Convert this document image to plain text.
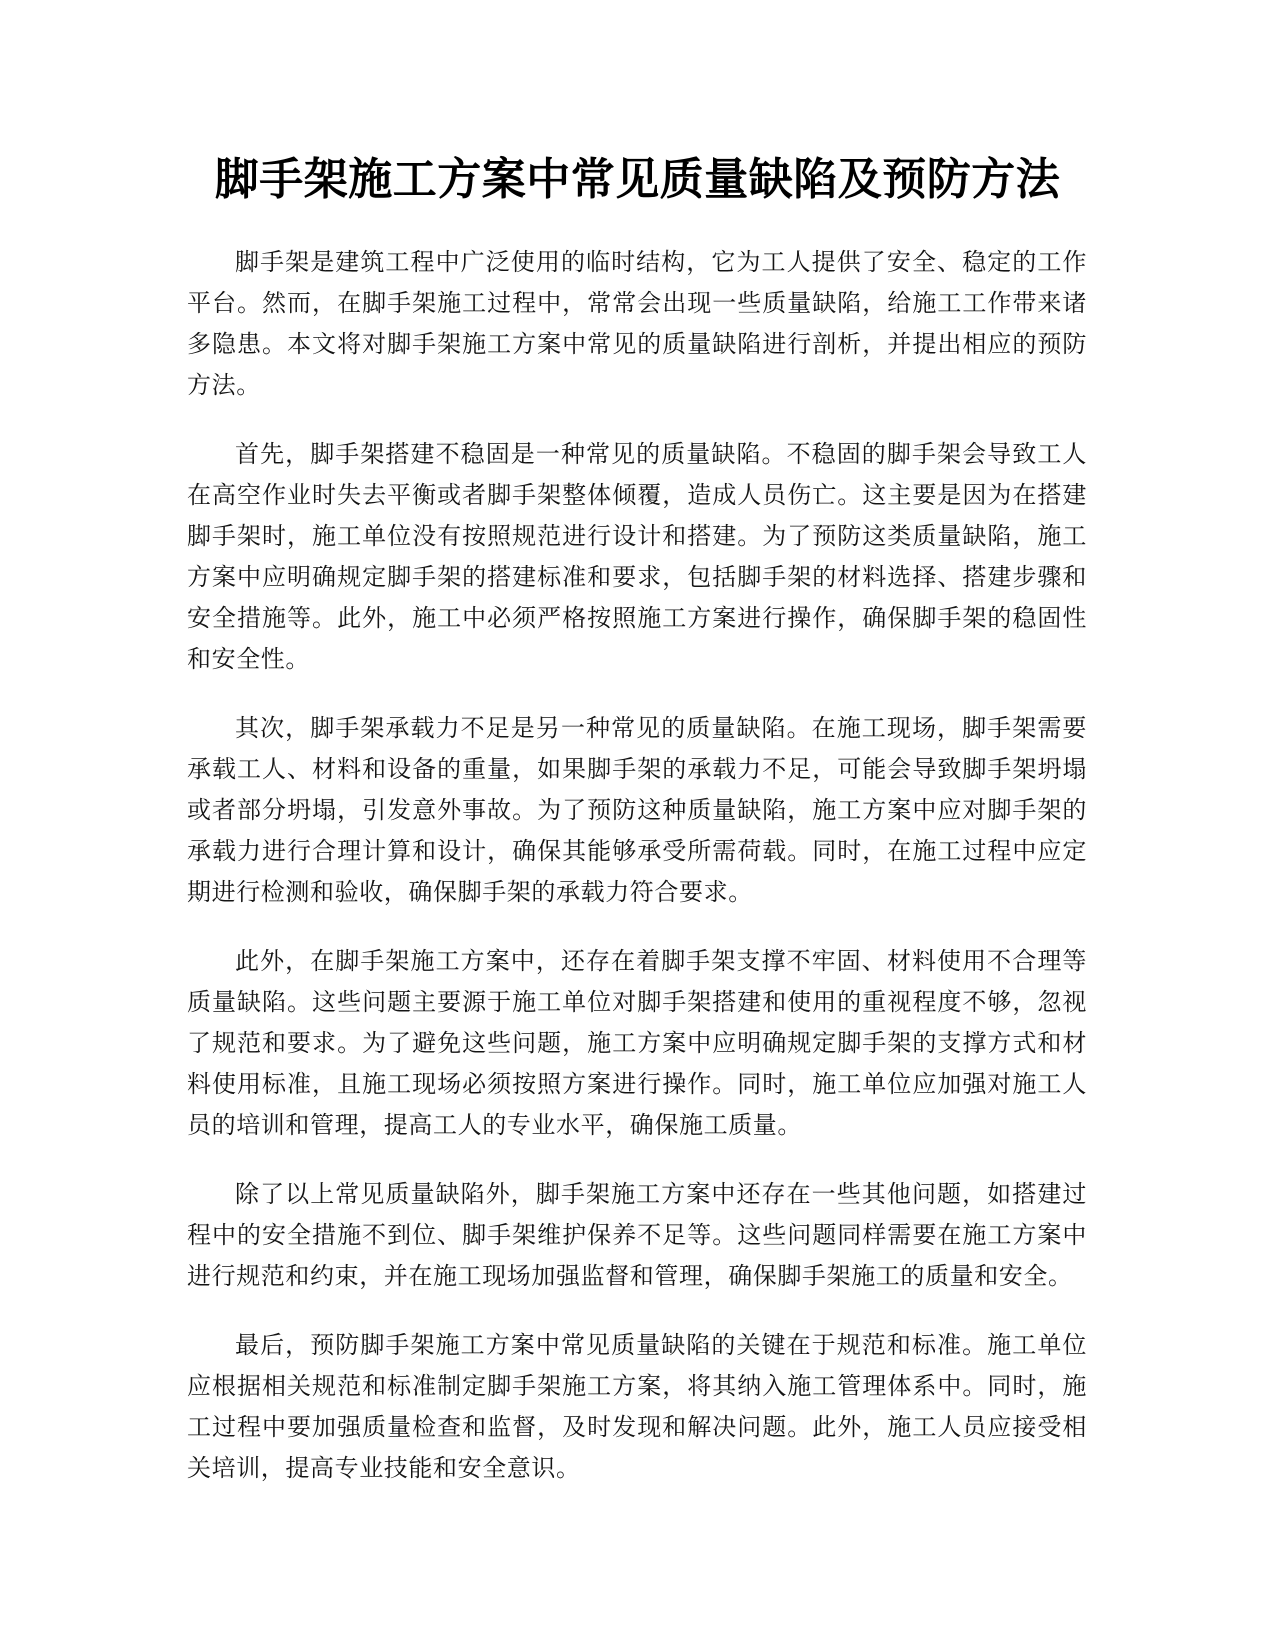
脚手架施工方案中常见质量缺陷及预防方法

脚手架是建筑工程中广泛使用的临时结构，它为工人提供了安全、稳定的工作平台。然而，在脚手架施工过程中，常常会出现一些质量缺陷，给施工工作带来诸多隐患。本文将对脚手架施工方案中常见的质量缺陷进行剖析，并提出相应的预防方法。

首先，脚手架搭建不稳固是一种常见的质量缺陷。不稳固的脚手架会导致工人在高空作业时失去平衡或者脚手架整体倾覆，造成人员伤亡。这主要是因为在搭建脚手架时，施工单位没有按照规范进行设计和搭建。为了预防这类质量缺陷，施工方案中应明确规定脚手架的搭建标准和要求，包括脚手架的材料选择、搭建步骤和安全措施等。此外，施工中必须严格按照施工方案进行操作，确保脚手架的稳固性和安全性。

其次，脚手架承载力不足是另一种常见的质量缺陷。在施工现场，脚手架需要承载工人、材料和设备的重量，如果脚手架的承载力不足，可能会导致脚手架坍塌或者部分坍塌，引发意外事故。为了预防这种质量缺陷，施工方案中应对脚手架的承载力进行合理计算和设计，确保其能够承受所需荷载。同时，在施工过程中应定期进行检测和验收，确保脚手架的承载力符合要求。

此外，在脚手架施工方案中，还存在着脚手架支撑不牢固、材料使用不合理等质量缺陷。这些问题主要源于施工单位对脚手架搭建和使用的重视程度不够，忽视了规范和要求。为了避免这些问题，施工方案中应明确规定脚手架的支撑方式和材料使用标准，且施工现场必须按照方案进行操作。同时，施工单位应加强对施工人员的培训和管理，提高工人的专业水平，确保施工质量。

除了以上常见质量缺陷外，脚手架施工方案中还存在一些其他问题，如搭建过程中的安全措施不到位、脚手架维护保养不足等。这些问题同样需要在施工方案中进行规范和约束，并在施工现场加强监督和管理，确保脚手架施工的质量和安全。

最后，预防脚手架施工方案中常见质量缺陷的关键在于规范和标准。施工单位应根据相关规范和标准制定脚手架施工方案，将其纳入施工管理体系中。同时，施工过程中要加强质量检查和监督，及时发现和解决问题。此外，施工人员应接受相关培训，提高专业技能和安全意识。
